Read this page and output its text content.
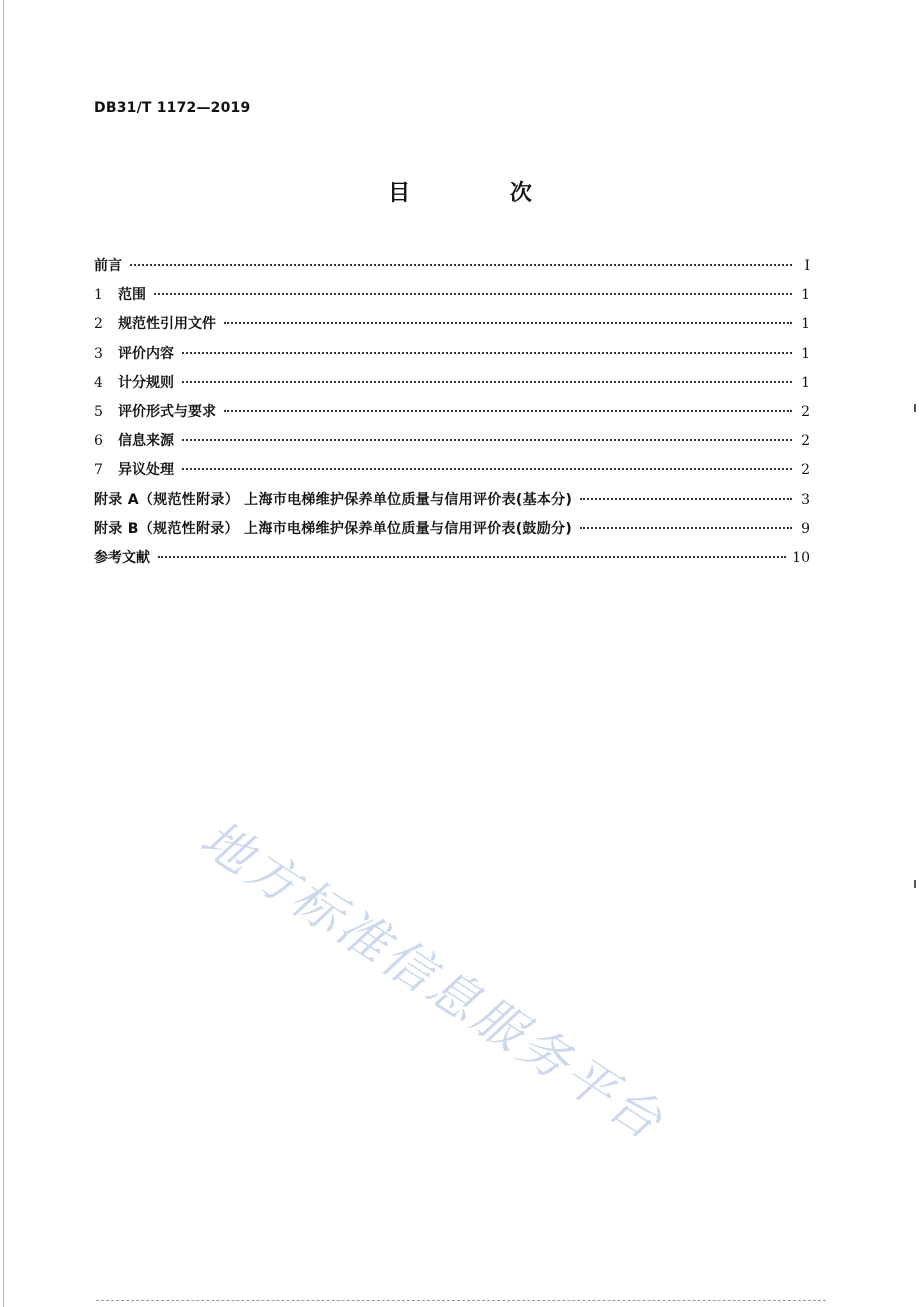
DB31/T 1172—2019
目 次
前言	I
1	范围	1
2	规范性引用文件	1
3	评价内容	1
4	计分规则	1
5	评价形式与要求	2
6	信息来源	2
7	异议处理	2
附录 A（规范性附录） 上海市电梯维护保养单位质量与信用评价表(基本分)	3
附录 B（规范性附录） 上海市电梯维护保养单位质量与信用评价表(鼓励分)	9
参考文献	10
地方标准信息服务平台
